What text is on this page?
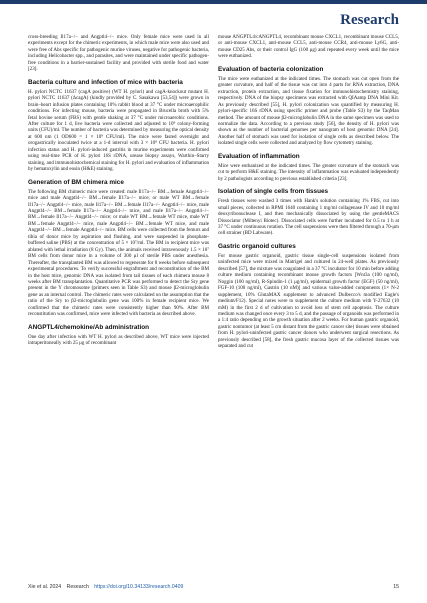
Research

cross-breeding Il17a−/− and Angptl4−/− mice. Only female mice were used in all experiments except for the chimeric experiments, in which male mice were also used and were free of Abs specific for pathogenic murine viruses, negative for pathogenic bacteria, including Helicobacter spp., and parasites, and were maintained under specific pathogen-free conditions in a barrier-sustained facility and provided with sterile food and water [23].

Bacteria culture and infection of mice with bacteria

H. pylori NCTC 11637 (cagA positive) (WT H. pylori) and cagA-knockout mutant H. pylori NCTC 11637 (ΔcagA) (kindly provided by C. Sasakawa [53,54]) were grown in brain–heart infusion plates containing 10% rabbit blood at 37 °C under microaerophilic conditions. For infecting mouse, bacteria were propagated in Brucella broth with 5% fetal bovine serum (FBS) with gentle shaking at 37 °C under microaerobic conditions. After culture for 1 d, live bacteria were collected and adjusted to 10⁹ colony-forming units (CFU)/ml. The number of bacteria was determined by measuring the optical density at 600 nm (1 OD600 = 1 × 10⁹ CFU/ml). The mice were fasted overnight and orogastrically inoculated twice at a 1-d interval with 3 × 10⁸ CFU bacteria. H. pylori infection status and H. pylori-induced gastritis in murine experiments were confirmed using real-time PCR of H. pylori 16S rDNA, urease biopsy assays, Warthin–Starry staining, and immunohistochemical staining for H. pylori and evaluation of inflammation by hematoxylin and eosin (H&E) staining.

Generation of BM chimera mice

The following BM chimeric mice were created: male Il17a−/− BM→female Angptl4−/− mice and male Angptl4−/− BM→female Il17a−/− mice; or male WT BM→female Il17a−/− Angptl4−/− mice, male Il17a−/− BM→female Il17a−/− Angptl4−/− mice, male Angptl4−/− BM→female Il17a−/− Angptl4−/− mice, and male Il17a−/− Angptl4−/− BM→female Il17a−/− Angptl4−/− mice; or male WT BM→female WT mice, male WT BM→female Angptl4−/− mice, male Angptl4−/− BM→female WT mice, and male Angptl4−/− BM→female Angptl4−/− mice. BM cells were collected from the femurs and tibia of donor mice by aspiration and flushing, and were suspended in phosphate-buffered saline (PBS) at the concentration of 5 × 10⁷/ml. The BM in recipient mice was ablated with lethal irradiation (8 Gy). Then, the animals received intravenously 1.5 × 10⁷ BM cells from donor mice in a volume of 300 μl of sterile PBS under anesthesia. Thereafter, the transplanted BM was allowed to regenerate for 8 weeks before subsequent experimental procedures. To verify successful engraftment and reconstitution of the BM in the host mice, genomic DNA was isolated from tail tissues of each chimera mouse 8 weeks after BM transplantation. Quantitative PCR was performed to detect the Sry gene present in the Y chromosome (primers seen in Table S3) and mouse β2-microglobulin gene as an internal control. The chimeric rates were calculated on the assumption that the ratio of the Sry to β2-microglobulin gene was 100% in female recipient mice. We confirmed that the chimeric rates were consistently higher than 90%. After BM reconstitution was confirmed, mice were infected with bacteria as described above.

ANGPTL4/chemokine/Ab administration

One day after infection with WT H. pylori as described above, WT mice were injected intraperitoneally with 25 μg of recombinant

mouse ANGPTL4/cANGPTL4, recombinant mouse CXCL1, recombinant mouse CCL5, or anti-mouse CXCL1, anti-mouse CCL5, anti-mouse CCR4, anti-mouse Ly6G, anti-mouse CD25 Abs, or their control IgG (100 μg) and repeated every week until the mice were euthanized.

Evaluation of bacteria colonization

The mice were euthanized at the indicated times. The stomach was cut open from the greater curvature, and half of the tissue was cut into 4 parts for RNA extraction, DNA extraction, protein extraction, and tissue fixation for immunohistochemistry staining, respectively. DNA of the biopsy specimens was extracted with QIAamp DNA Mini Kit. As previously described [55], H. pylori colonization was quantified by measuring H. pylori-specific 16S rDNA using specific primer and probe (Table S3) by the TaqMan method. The amount of mouse β2-microglobulin DNA in the same specimen was used to normalize the data. According to a previous study [56], the density of H. pylori was shown as the number of bacterial genomes per nanogram of host genomic DNA [24]. Another half of stomach was used for isolation of single cells as described below. The isolated single cells were collected and analyzed by flow cytometry staining.

Evaluation of inflammation

Mice were euthanized at the indicated times. The greater curvature of the stomach was cut to perform H&E staining. The intensity of inflammation was evaluated independently by 2 pathologists according to previous established criteria [23].

Isolation of single cells from tissues

Fresh tissues were washed 3 times with Hank's solution containing 1% FBS, cut into small pieces, collected in RPMI 1640 containing 1 mg/ml collagenase IV and 10 mg/ml deoxyribonuclease I, and then mechanically dissociated by using the gentleMACS Dissociator (Miltenyi Biotec). Dissociated cells were further incubated for 0.5 to 1 h at 37 °C under continuous rotation. The cell suspensions were then filtered through a 70-μm cell strainer (BD Labware).

Gastric organoid cultures

For mouse gastric organoid, gastric tissue single-cell suspensions isolated from uninfected mice were mixed in Matrigel and cultured in 24-well plates. As previously described [57], the mixture was coagulated in a 37 °C incubator for 10 min before adding culture medium containing recombinant mouse growth factors [Wnt3a (100 ng/ml), Noggin (100 ng/ml), R-Spindin-1 (1 μg/ml), epidermal growth factor (EGF) (50 ng/ml), FGF-10 (100 ng/ml), Gastrin (10 nM)] and various value-added components (1× N-2 supplement, 10% GlutaMAX supplement to advanced Dulbecco's modified Eagle's medium/F12). Special notes were to supplement the culture medium with Y-27632 (10 mM) in the first 2 d of cultivation to avoid loss of stem cell apoptosis. The culture medium was changed once every 3 to 5 d, and the passage of organoids was performed in a 1:4 ratio depending on the growth situation after 2 weeks. For human gastric organoid, gastric nontumor (at least 5 cm distant from the gastric cancer site) tissues were obtained from H. pylori-uninfected gastric cancer donors who underwent surgical resections. As previously described [58], the fresh gastric mucosa layer of the collected tissues was separated and cut

Xie et al. 2024 Research https://doi.org/10.34133/research.0409	15
